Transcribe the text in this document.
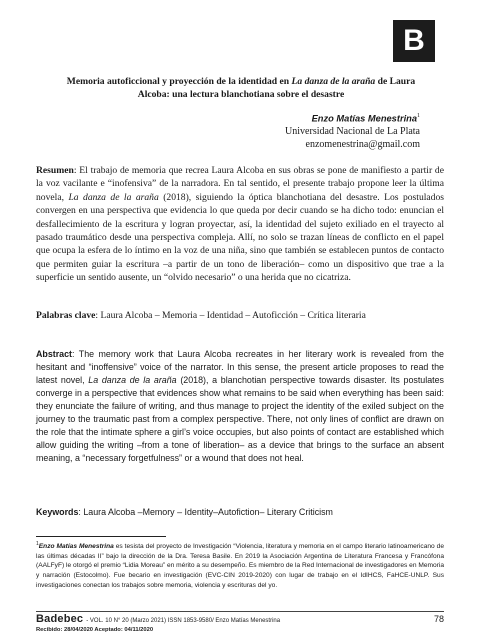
B
Memoria autoficcional y proyección de la identidad en La danza de la araña de Laura Alcoba: una lectura blanchotiana sobre el desastre
Enzo Matías Menestrina$^1$
Universidad Nacional de La Plata
enzomenestrina@gmail.com
Resumen: El trabajo de memoria que recrea Laura Alcoba en sus obras se pone de manifiesto a partir de la voz vacilante e “inofensiva” de la narradora. En tal sentido, el presente trabajo propone leer la última novela, La danza de la araña (2018), siguiendo la óptica blanchotiana del desastre. Los postulados convergen en una perspectiva que evidencia lo que queda por decir cuando se ha dicho todo: enuncian el desfallecimiento de la escritura y logran proyectar, así, la identidad del sujeto exiliado en el trayecto al pasado traumático desde una perspectiva compleja. Allí, no solo se trazan líneas de conflicto en el papel que ocupa la esfera de lo íntimo en la voz de una niña, sino que también se establecen puntos de contacto que permiten guiar la escritura –a partir de un tono de liberación– como un dispositivo que trae a la superficie un sentido ausente, un “olvido necesario” o una herida que no cicatriza.
Palabras clave: Laura Alcoba – Memoria – Identidad – Autoficción – Crítica literaria
Abstract: The memory work that Laura Alcoba recreates in her literary work is revealed from the hesitant and “inoffensive” voice of the narrator. In this sense, the present article proposes to read the latest novel, La danza de la araña (2018), a blanchotian perspective towards disaster. Its postulates converge in a perspective that evidences show what remains to be said when everything has been said: they enunciate the failure of writing, and thus manage to project the identity of the exiled subject on the journey to the traumatic past from a complex perspective. There, not only lines of conflict are drawn on the role that the intimate sphere a girl’s voice occupies, but also points of contact are established which allow guiding the writing –from a tone of liberation– as a device that brings to the surface an absent meaning, a “necessary forgetfulness” or a wound that does not heal.
Keywords: Laura Alcoba –Memory – Identity–Autofiction– Literary Criticism
$^1$Enzo Matías Menestrina es tesista del proyecto de Investigación “Violencia, literatura y memoria en el campo literario latinoamericano de las últimas décadas II” bajo la dirección de la Dra. Teresa Basile. En 2019 la Asociación Argentina de Literatura Francesa y Francófona (AALFyF) le otorgó el premio “Lidia Moreau” en mérito a su desempeño. Es miembro de la Red Internacional de investigadores en Memoria y narración (Estocolmo). Fue becario en investigación (EVC-CIN 2019-2020) con lugar de trabajo en el IdIHCS, FaHCE-UNLP. Sus investigaciones conectan los trabajos sobre memoria, violencia y escrituras del yo.
Badebec - VOL. 10 N° 20 (Marzo 2021) ISSN 1853-9580/ Enzo Matías Menestrina	78
Recibido: 28/04/2020 Aceptado: 04/11/2020
